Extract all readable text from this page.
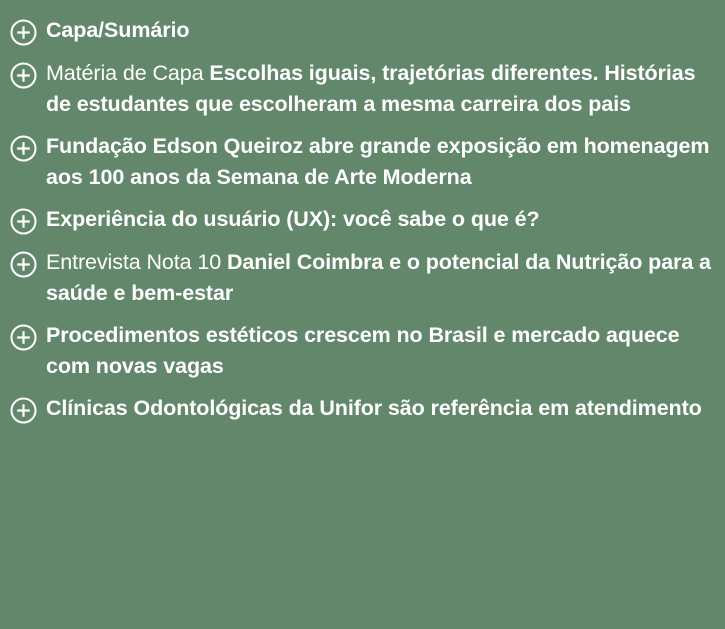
Capa/Sumário
Matéria de Capa Escolhas iguais, trajetórias diferentes. Histórias de estudantes que escolheram a mesma carreira dos pais
Fundação Edson Queiroz abre grande exposição em homenagem aos 100 anos da Semana de Arte Moderna
Experiência do usuário (UX): você sabe o que é?
Entrevista Nota 10 Daniel Coimbra e o potencial da Nutrição para a saúde e bem-estar
Procedimentos estéticos crescem no Brasil e mercado aquece com novas vagas
Clínicas Odontológicas da Unifor são referência em atendimento
